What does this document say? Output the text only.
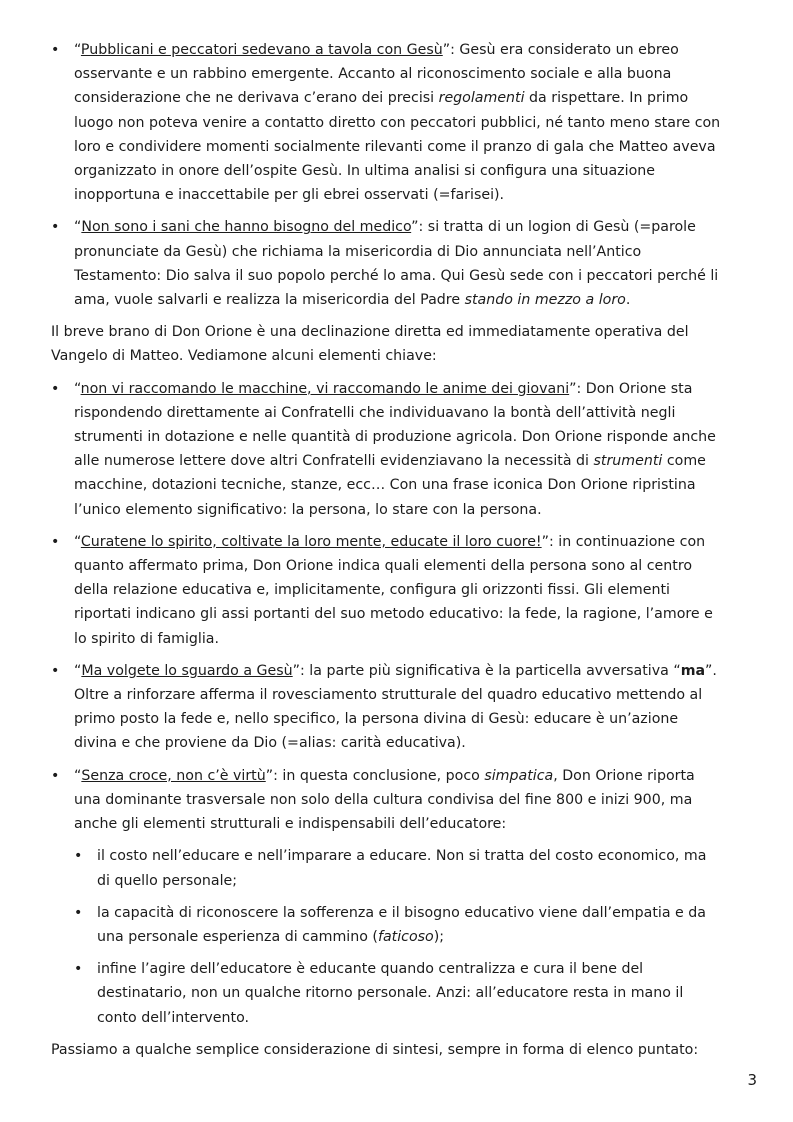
• “Pubblicani e peccatori sedevano a tavola con Gesù”: Gesù era considerato un ebreo osservante e un rabbino emergente. Accanto al riconoscimento sociale e alla buona considerazione che ne derivava c’erano dei precisi regolamenti da rispettare. In primo luogo non poteva venire a contatto diretto con peccatori pubblici, né tanto meno stare con loro e condividere momenti socialmente rilevanti come il pranzo di gala che Matteo aveva organizzato in onore dell’ospite Gesù. In ultima analisi si configura una situazione inopportuna e inaccettabile per gli ebrei osservati (=farisei).
• “Non sono i sani che hanno bisogno del medico”: si tratta di un logion di Gesù (=parole pronunciate da Gesù) che richiama la misericordia di Dio annunciata nell’Antico Testamento: Dio salva il suo popolo perché lo ama. Qui Gesù sede con i peccatori perché li ama, vuole salvarli e realizza la misericordia del Padre stando in mezzo a loro.

Il breve brano di Don Orione è una declinazione diretta ed immediatamente operativa del Vangelo di Matteo. Vediamone alcuni elementi chiave:

• “non vi raccomando le macchine, vi raccomando le anime dei giovani”: Don Orione sta rispondendo direttamente ai Confratelli che individuavano la bontà dell’attività negli strumenti in dotazione e nelle quantità di produzione agricola. Don Orione risponde anche alle numerose lettere dove altri Confratelli evidenziavano la necessità di strumenti come macchine, dotazioni tecniche, stanze, ecc… Con una frase iconica Don Orione ripristina l’unico elemento significativo: la persona, lo stare con la persona.
• “Curatene lo spirito, coltivate la loro mente, educate il loro cuore!”: in continuazione con quanto affermato prima, Don Orione indica quali elementi della persona sono al centro della relazione educativa e, implicitamente, configura gli orizzonti fissi. Gli elementi riportati indicano gli assi portanti del suo metodo educativo: la fede, la ragione, l’amore e lo spirito di famiglia.
• “Ma volgete lo sguardo a Gesù”: la parte più significativa è la particella avversativa “ma”. Oltre a rinforzare afferma il rovesciamento strutturale del quadro educativo mettendo al primo posto la fede e, nello specifico, la persona divina di Gesù: educare è un’azione divina e che proviene da Dio (=alias: carità educativa).
• “Senza croce, non c’è virtù”: in questa conclusione, poco simpatica, Don Orione riporta una dominante trasversale non solo della cultura condivisa del fine 800 e inizi 900, ma anche gli elementi strutturali e indispensabili dell’educatore:
• il costo nell’educare e nell’imparare a educare. Non si tratta del costo economico, ma di quello personale;
• la capacità di riconoscere la sofferenza e il bisogno educativo viene dall’empatia e da una personale esperienza di cammino (faticoso);
• infine l’agire dell’educatore è educante quando centralizza e cura il bene del destinatario, non un qualche ritorno personale. Anzi: all’educatore resta in mano il conto dell’intervento.

Passiamo a qualche semplice considerazione di sintesi, sempre in forma di elenco puntato:

3
